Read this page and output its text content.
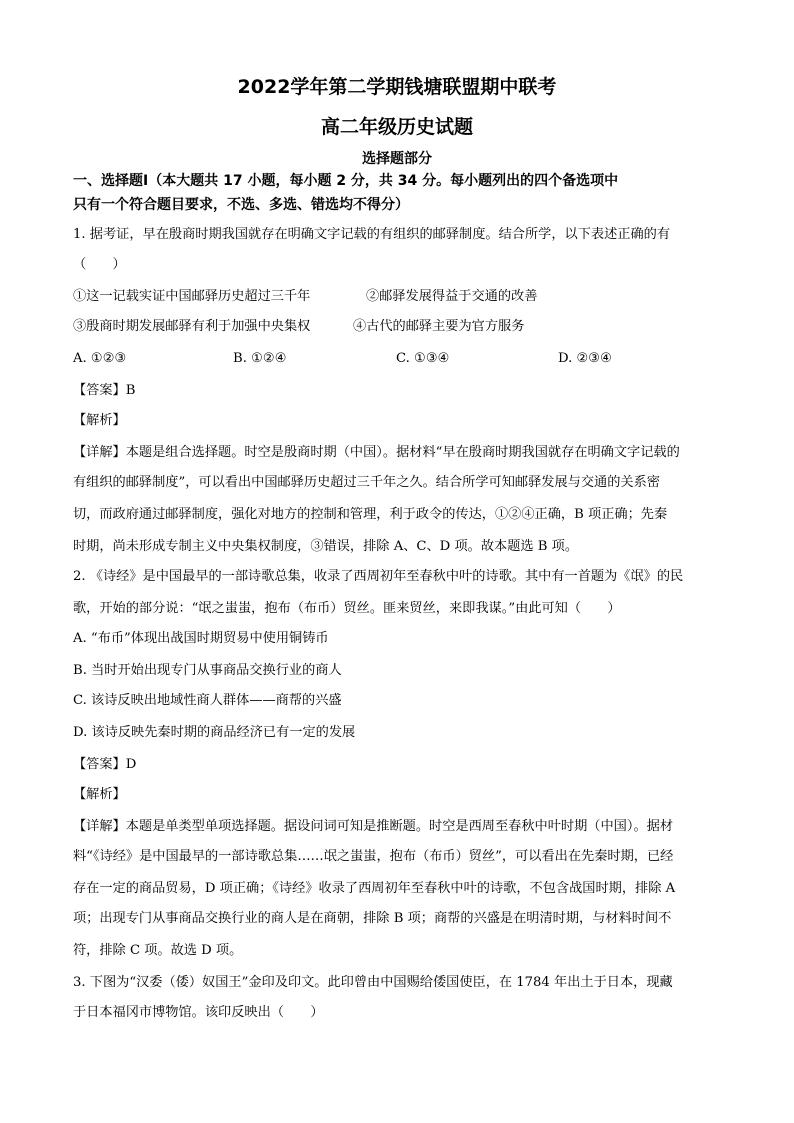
2022学年第二学期钱塘联盟期中联考
高二年级历史试题
选择题部分
一、选择题Ⅰ（本大题共 17 小题，每小题 2 分，共 34 分。每小题列出的四个备选项中
只有一个符合题目要求，不选、多选、错选均不得分）
1. 据考证，早在殷商时期我国就存在明确文字记载的有组织的邮驿制度。结合所学，以下表述正确的有
（　　）
①这一记载实证中国邮驿历史超过三千年	②邮驿发展得益于交通的改善
③殷商时期发展邮驿有利于加强中央集权	④古代的邮驿主要为官方服务
A. ①②③	B. ①②④	C. ①③④	D. ②③④
【答案】B
【解析】
【详解】本题是组合选择题。时空是殷商时期（中国）。据材料“早在殷商时期我国就存在明确文字记载的
有组织的邮驿制度”，可以看出中国邮驿历史超过三千年之久。结合所学可知邮驿发展与交通的关系密
切，而政府通过邮驿制度，强化对地方的控制和管理，利于政令的传达，①②④正确，B 项正确；先秦
时期，尚未形成专制主义中央集权制度，③错误，排除 A、C、D 项。故本题选 B 项。
2. 《诗经》是中国最早的一部诗歌总集，收录了西周初年至春秋中叶的诗歌。其中有一首题为《氓》的民
歌，开始的部分说：“氓之蚩蚩，抱布（布币）贸丝。匪来贸丝，来即我谋。”由此可知（　　）
A. “布币”体现出战国时期贸易中使用铜铸币
B. 当时开始出现专门从事商品交换行业的商人
C. 该诗反映出地域性商人群体——商帮的兴盛
D. 该诗反映先秦时期的商品经济已有一定的发展
【答案】D
【解析】
【详解】本题是单类型单项选择题。据设问词可知是推断题。时空是西周至春秋中叶时期（中国）。据材
料“《诗经》是中国最早的一部诗歌总集……氓之蚩蚩，抱布（布币）贸丝”，可以看出在先秦时期，已经
存在一定的商品贸易，D 项正确；《诗经》收录了西周初年至春秋中叶的诗歌，不包含战国时期，排除 A
项；出现专门从事商品交换行业的商人是在商朝，排除 B 项；商帮的兴盛是在明清时期，与材料时间不
符，排除 C 项。故选 D 项。
3. 下图为“汉委（倭）奴国王”金印及印文。此印曾由中国赐给倭国使臣，在 1784 年出土于日本，现藏
于日本福冈市博物馆。该印反映出（　　）
